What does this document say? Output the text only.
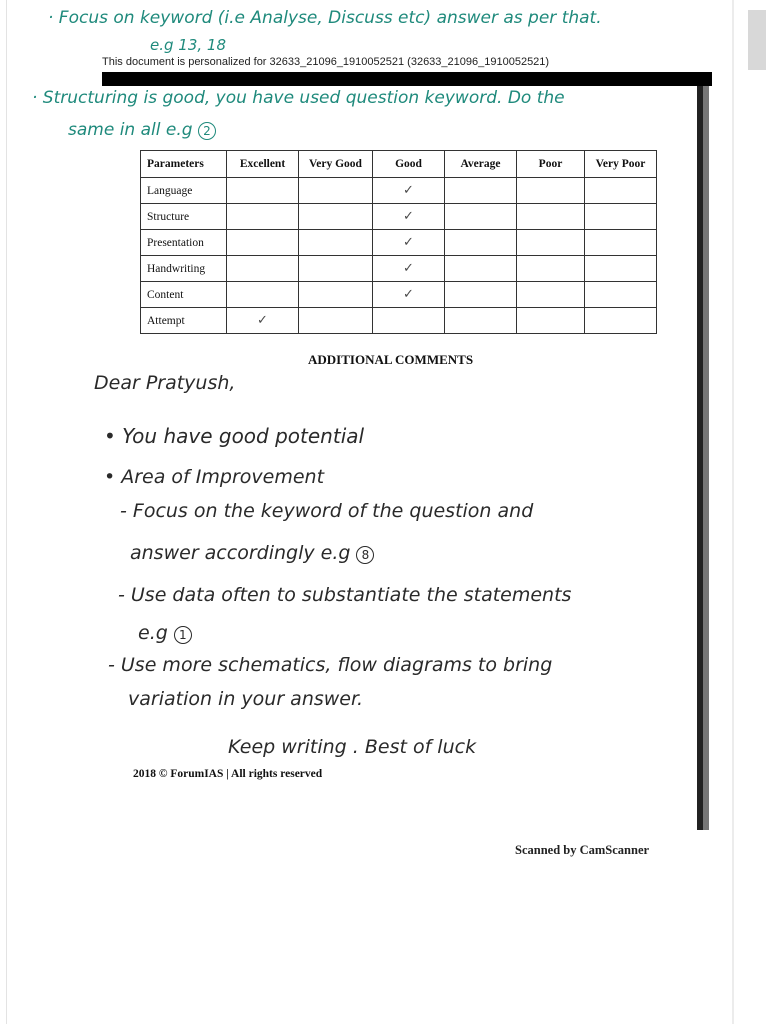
· Focus on keyword (i.e Analyse, Discuss etc) answer as per that.
e.g 13, 18
This document is personalized for 32633_21096_1910052521 (32633_21096_1910052521)
· Structuring is good, you have used question keyword. Do the
same in all e.g 2
Parameters	Excellent	Very Good	Good	Average	Poor	Very Poor
Language			✓			
Structure			✓			
Presentation			✓			
Handwriting			✓			
Content			✓			
Attempt	✓					
ADDITIONAL COMMENTS
Dear Pratyush,
• You have good potential
• Area of Improvement
- Focus on the keyword of the question and
answer accordingly e.g 8
- Use data often to substantiate the statements
e.g 1
- Use more schematics, flow diagrams to bring
variation in your answer.
Keep writing . Best of luck
2018 © ForumIAS | All rights reserved
Scanned by CamScanner
